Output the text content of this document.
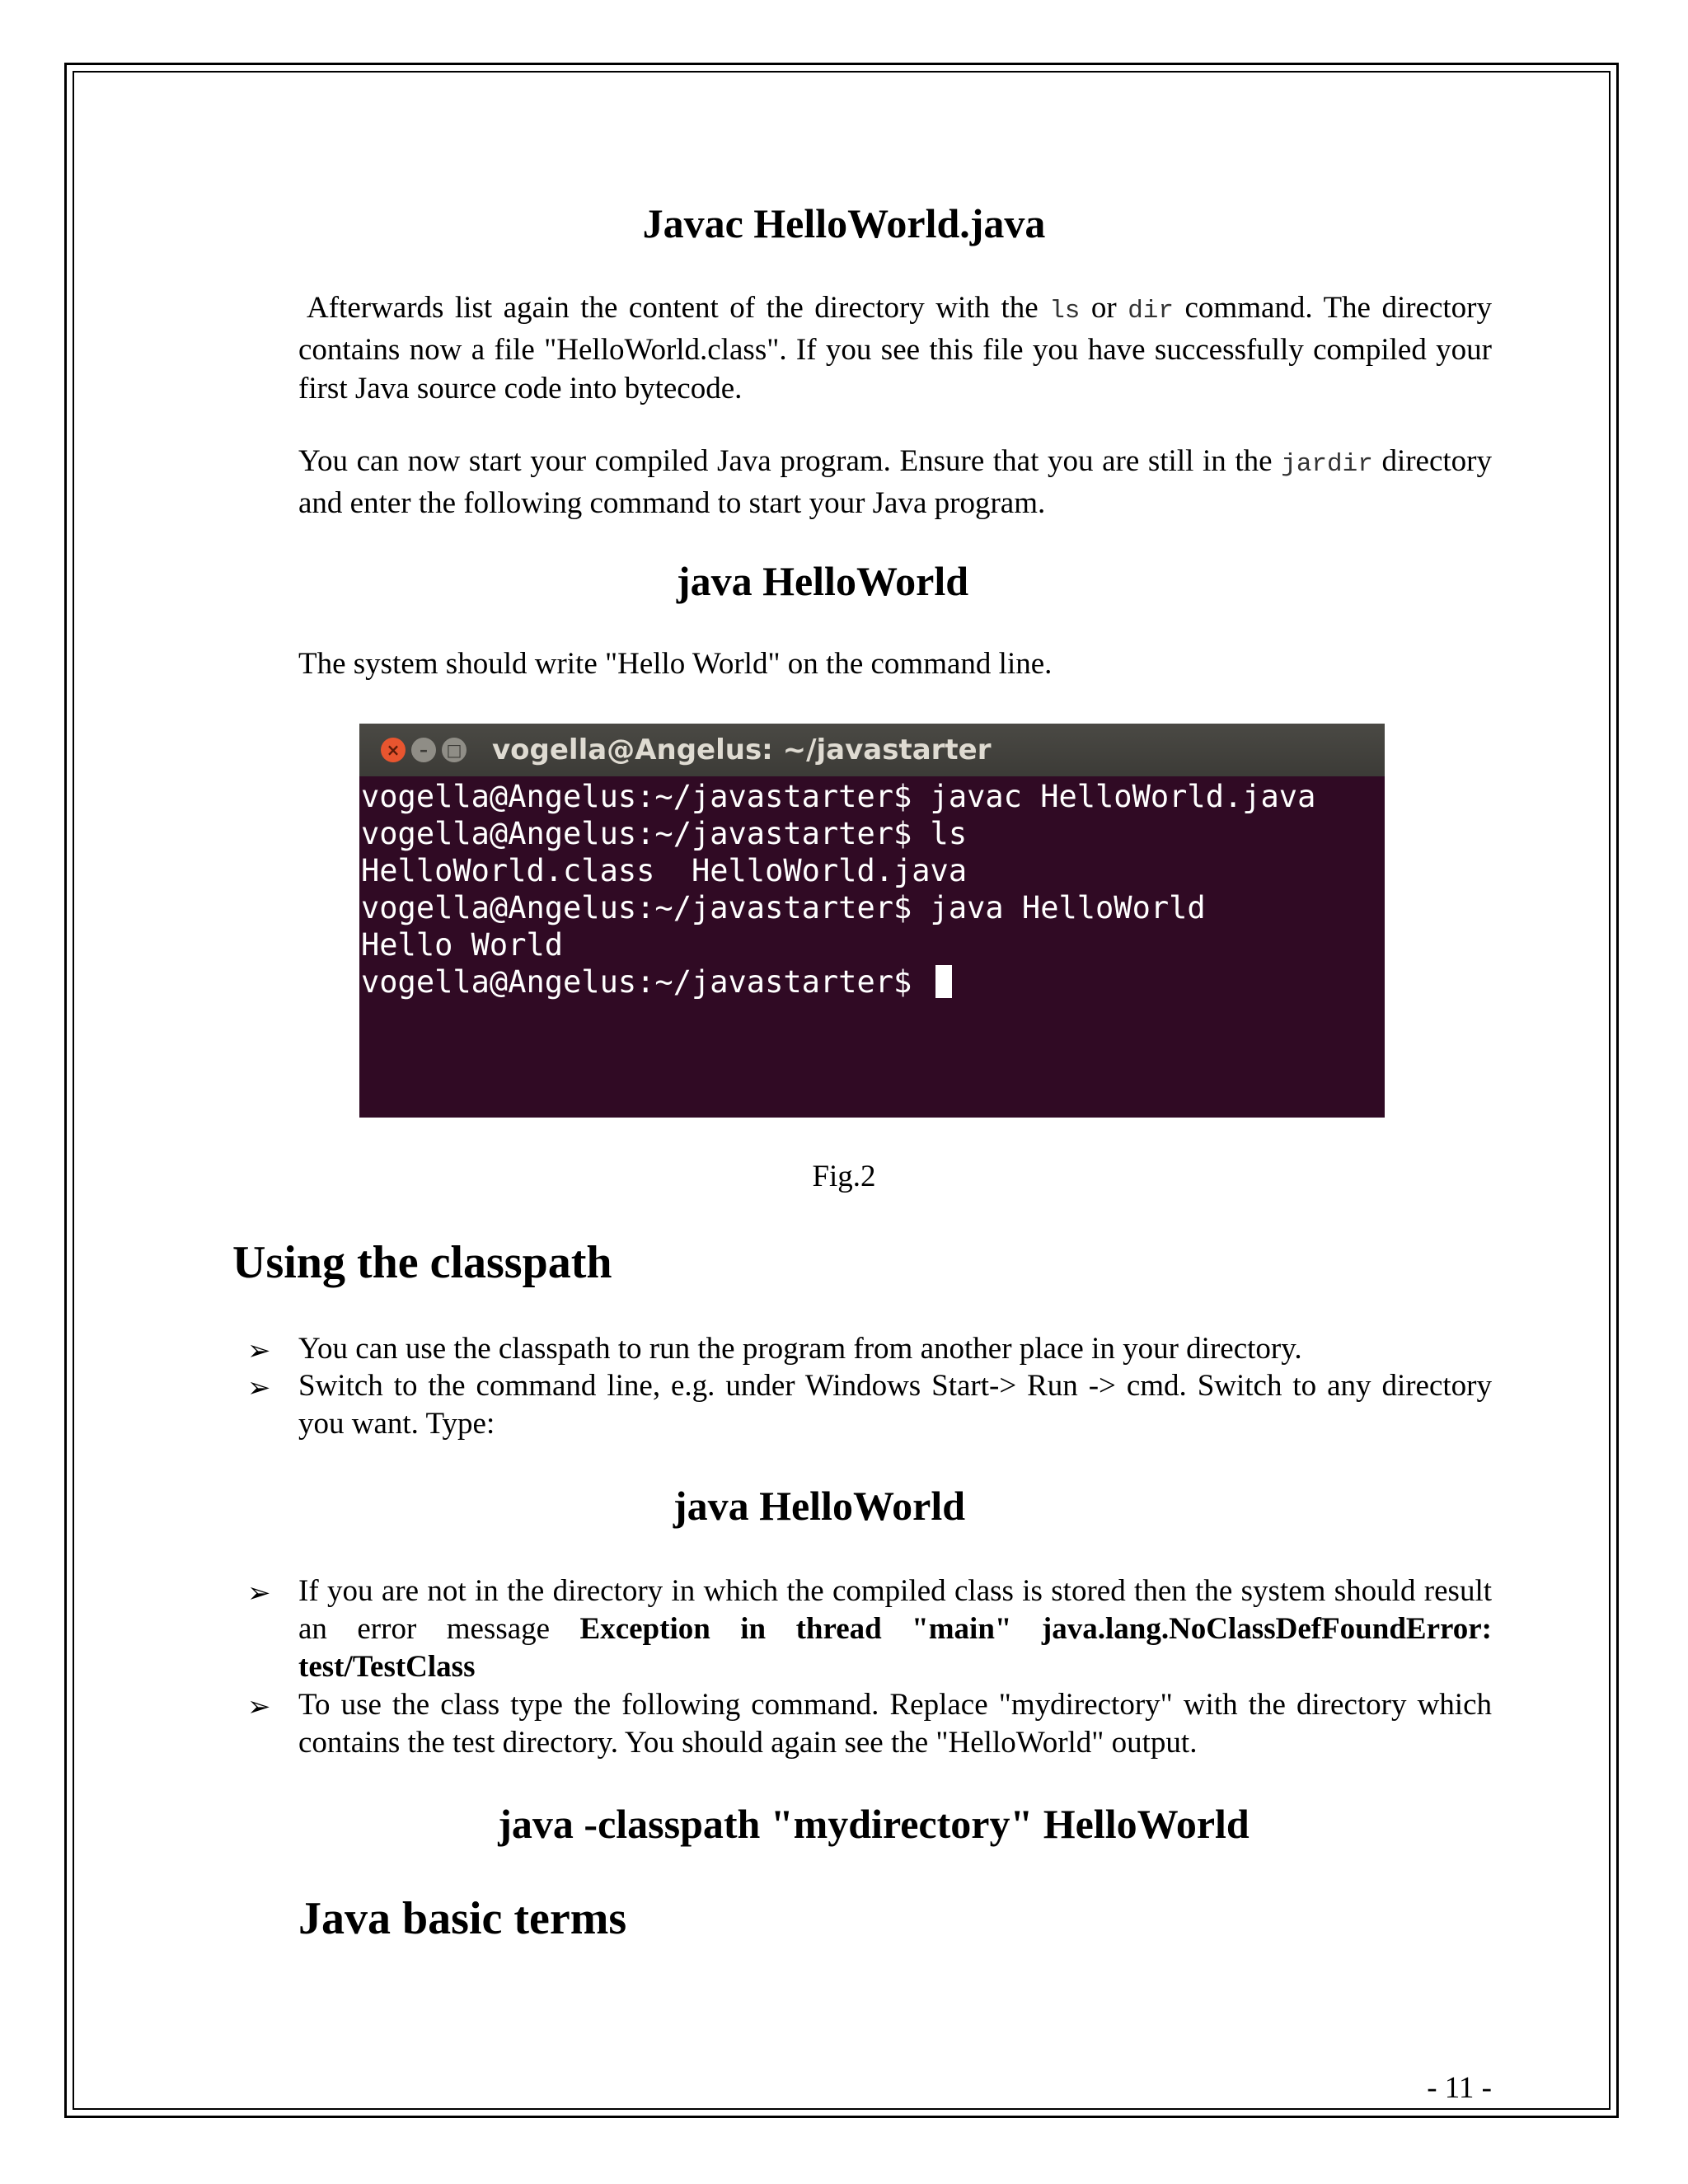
Javac HelloWorld.java

Afterwards list again the content of the directory with the ls or dir command. The directory contains now a file "HelloWorld.class". If you see this file you have successfully compiled your first Java source code into bytecode.

You can now start your compiled Java program. Ensure that you are still in the jardir directory and enter the following command to start your Java program.

java HelloWorld

The system should write "Hello World" on the command line.

×	–	□ vogella@Angelus: ~/javastarter
vogella@Angelus:~/javastarter$ javac HelloWorld.java
vogella@Angelus:~/javastarter$ ls
HelloWorld.class  HelloWorld.java
vogella@Angelus:~/javastarter$ java HelloWorld
Hello World
vogella@Angelus:~/javastarter$

Fig.2

Using the classpath
➢ You can use the classpath to run the program from another place in your directory.

➢ Switch to the command line, e.g. under Windows Start-> Run -> cmd. Switch to any directory you want. Type:

java HelloWorld
➢ If you are not in the directory in which the compiled class is stored then the system should result an error message Exception in thread "main" java.lang.NoClassDefFoundError: test/TestClass

➢ To use the class type the following command. Replace "mydirectory" with the directory which contains the test directory. You should again see the "HelloWorld" output.

java -classpath "mydirectory" HelloWorld
Java basic terms

- 11 -
